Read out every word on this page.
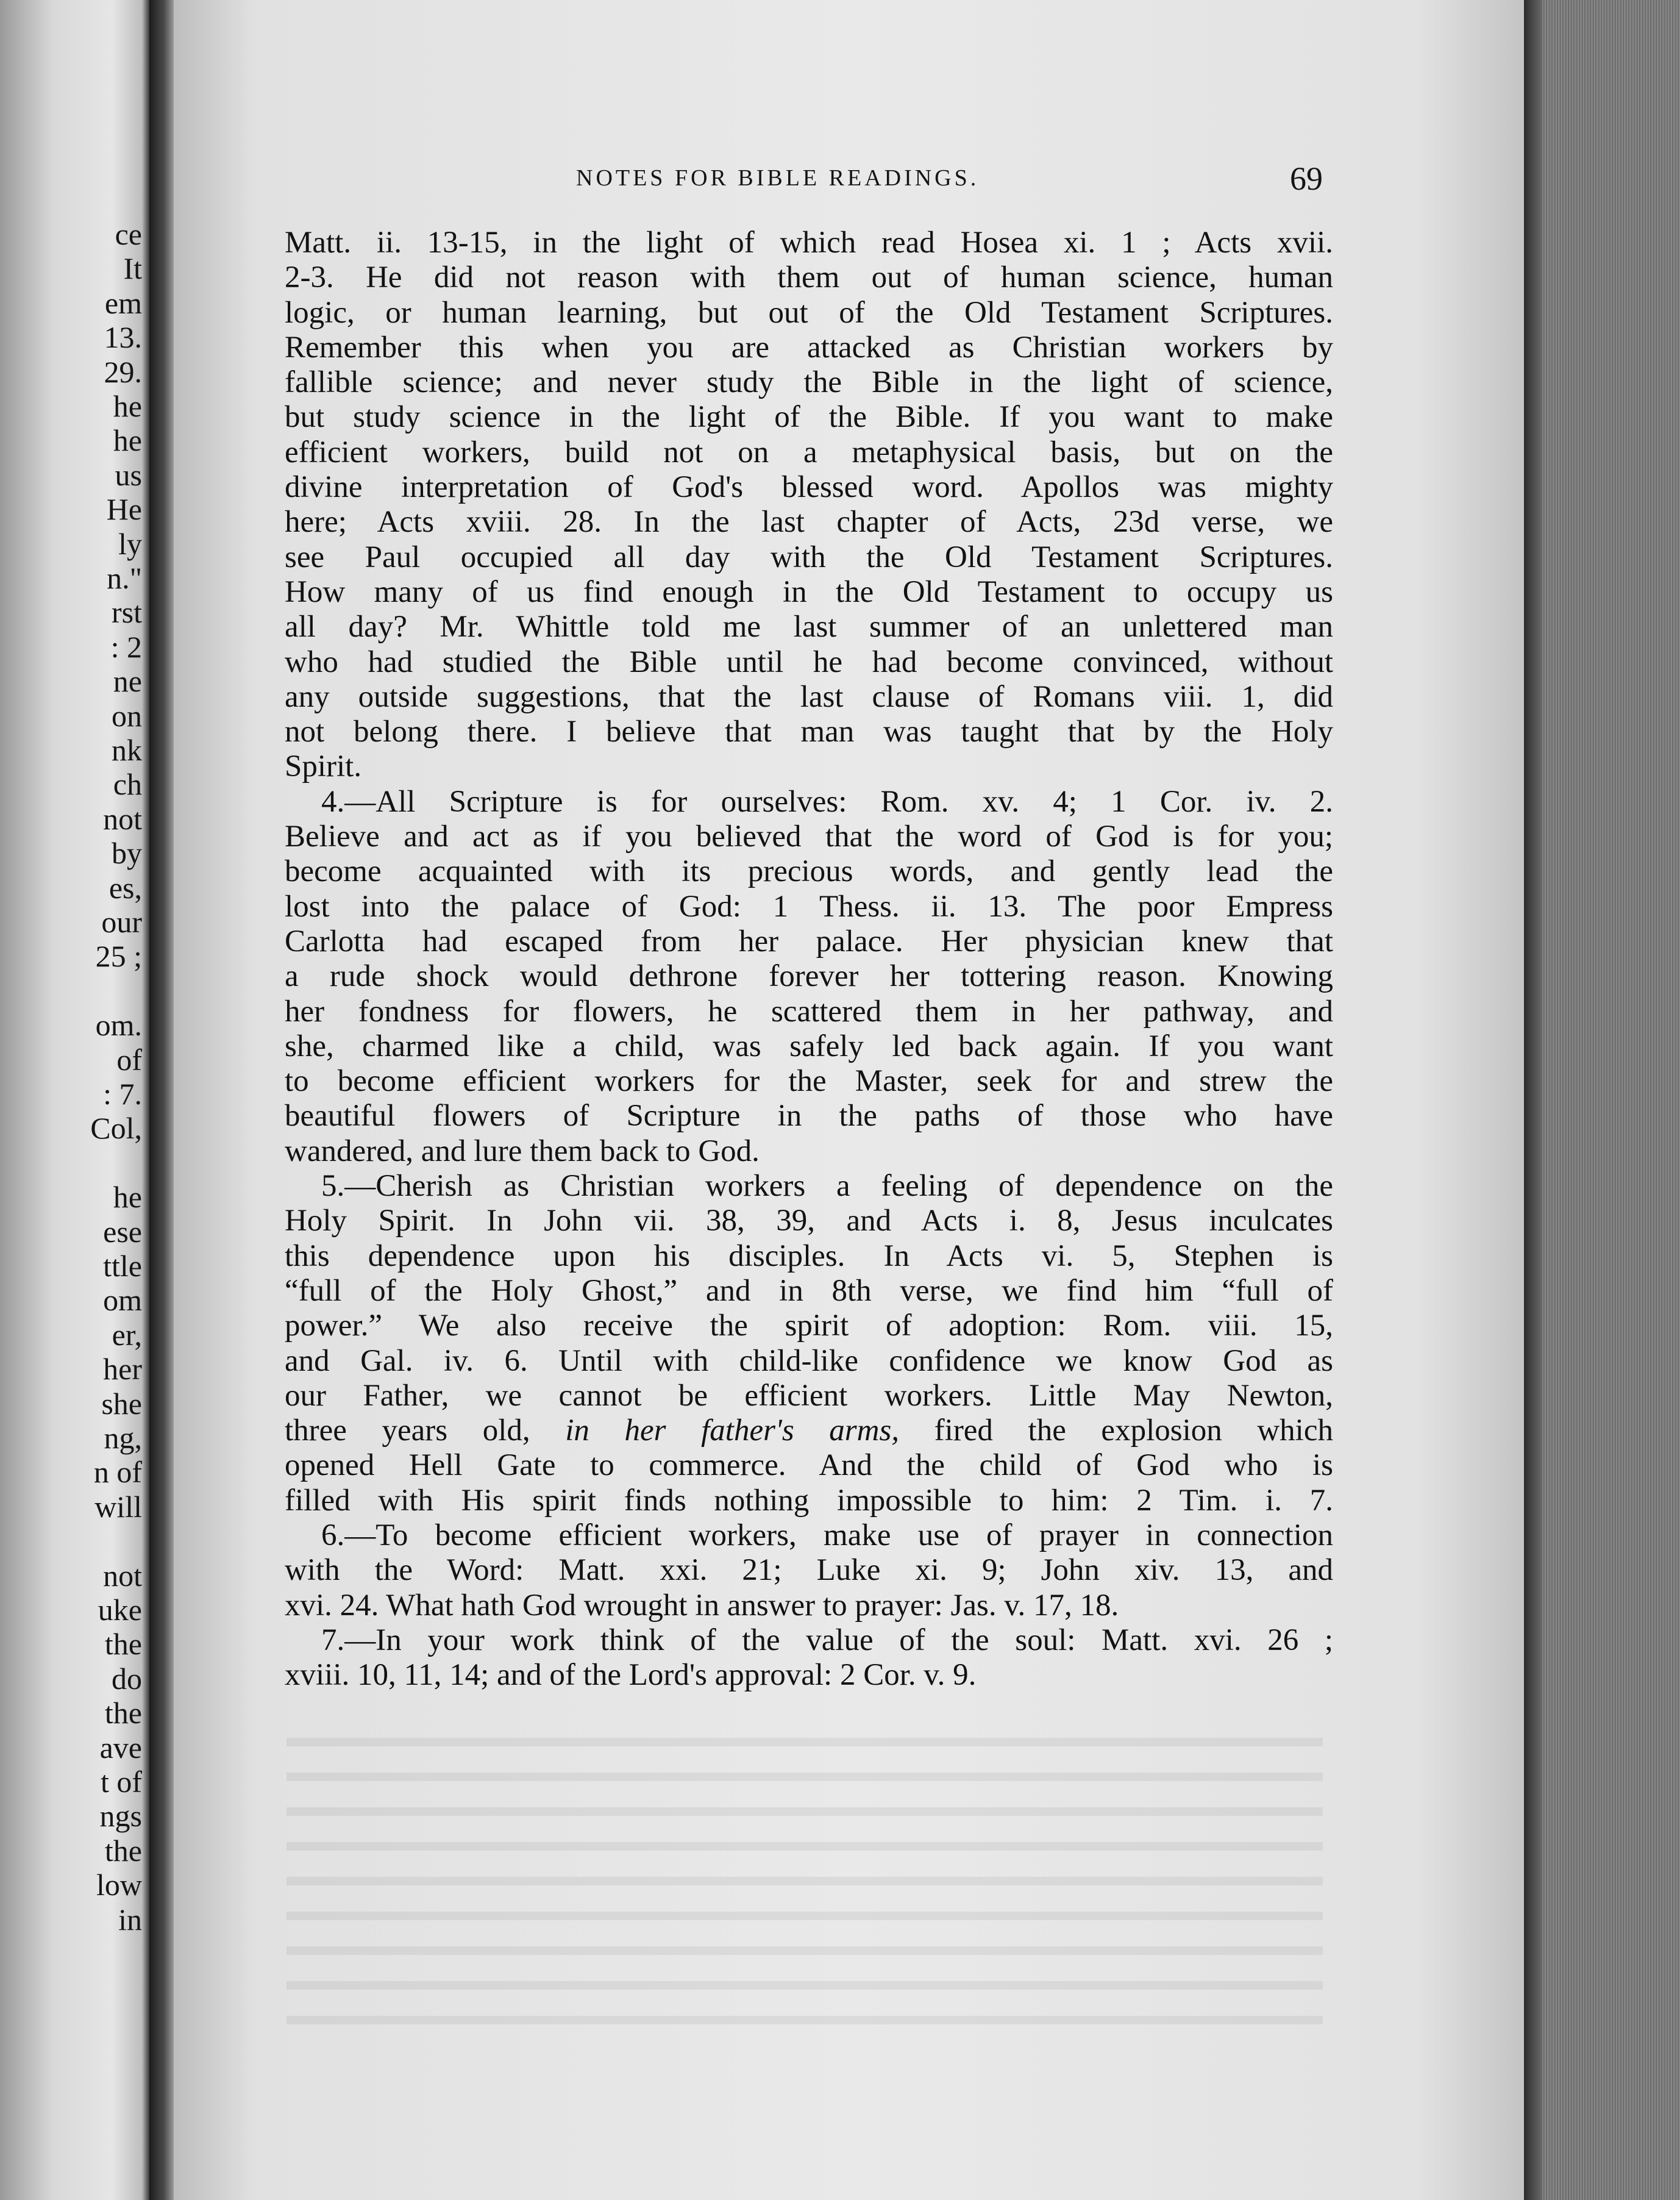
ce
It
em
13.
29.
he
he
us
He
ly
n."
rst
: 2
ne
on
nk
ch
not
by
es,
our
25 ;
om.
of
: 7.
Col,
he
ese
ttle
om
er,
her
she
ng,
n of
will
not
uke
the
do
the
ave
t of
ngs
the
low
in
NOTES FOR BIBLE READINGS.	69
Matt. ii. 13-15, in the light of which read Hosea xi. 1 ; Acts xvii.
2-3. He did not reason with them out of human science, human
logic, or human learning, but out of the Old Testament Scriptures.
Remember this when you are attacked as Christian workers by
fallible science; and never study the Bible in the light of science,
but study science in the light of the Bible. If you want to make
efficient workers, build not on a metaphysical basis, but on the
divine interpretation of God's blessed word. Apollos was mighty
here; Acts xviii. 28. In the last chapter of Acts, 23d verse, we
see Paul occupied all day with the Old Testament Scriptures.
How many of us find enough in the Old Testament to occupy us
all day? Mr. Whittle told me last summer of an unlettered man
who had studied the Bible until he had become convinced, without
any outside suggestions, that the last clause of Romans viii. 1, did
not belong there. I believe that man was taught that by the Holy
Spirit.
4.—All Scripture is for ourselves: Rom. xv. 4; 1 Cor. iv. 2.
Believe and act as if you believed that the word of God is for you;
become acquainted with its precious words, and gently lead the
lost into the palace of God: 1 Thess. ii. 13. The poor Empress
Carlotta had escaped from her palace. Her physician knew that
a rude shock would dethrone forever her tottering reason. Knowing
her fondness for flowers, he scattered them in her pathway, and
she, charmed like a child, was safely led back again. If you want
to become efficient workers for the Master, seek for and strew the
beautiful flowers of Scripture in the paths of those who have
wandered, and lure them back to God.
5.—Cherish as Christian workers a feeling of dependence on the
Holy Spirit. In John vii. 38, 39, and Acts i. 8, Jesus inculcates
this dependence upon his disciples. In Acts vi. 5, Stephen is
“full of the Holy Ghost,” and in 8th verse, we find him “full of
power.” We also receive the spirit of adoption: Rom. viii. 15,
and Gal. iv. 6. Until with child-like confidence we know God as
our Father, we cannot be efficient workers. Little May Newton,
three years old, in her father's arms, fired the explosion which
opened Hell Gate to commerce. And the child of God who is
filled with His spirit finds nothing impossible to him: 2 Tim. i. 7.
6.—To become efficient workers, make use of prayer in connection
with the Word: Matt. xxi. 21; Luke xi. 9; John xiv. 13, and
xvi. 24. What hath God wrought in answer to prayer: Jas. v. 17, 18.
7.—In your work think of the value of the soul: Matt. xvi. 26 ;
xviii. 10, 11, 14; and of the Lord's approval: 2 Cor. v. 9.
